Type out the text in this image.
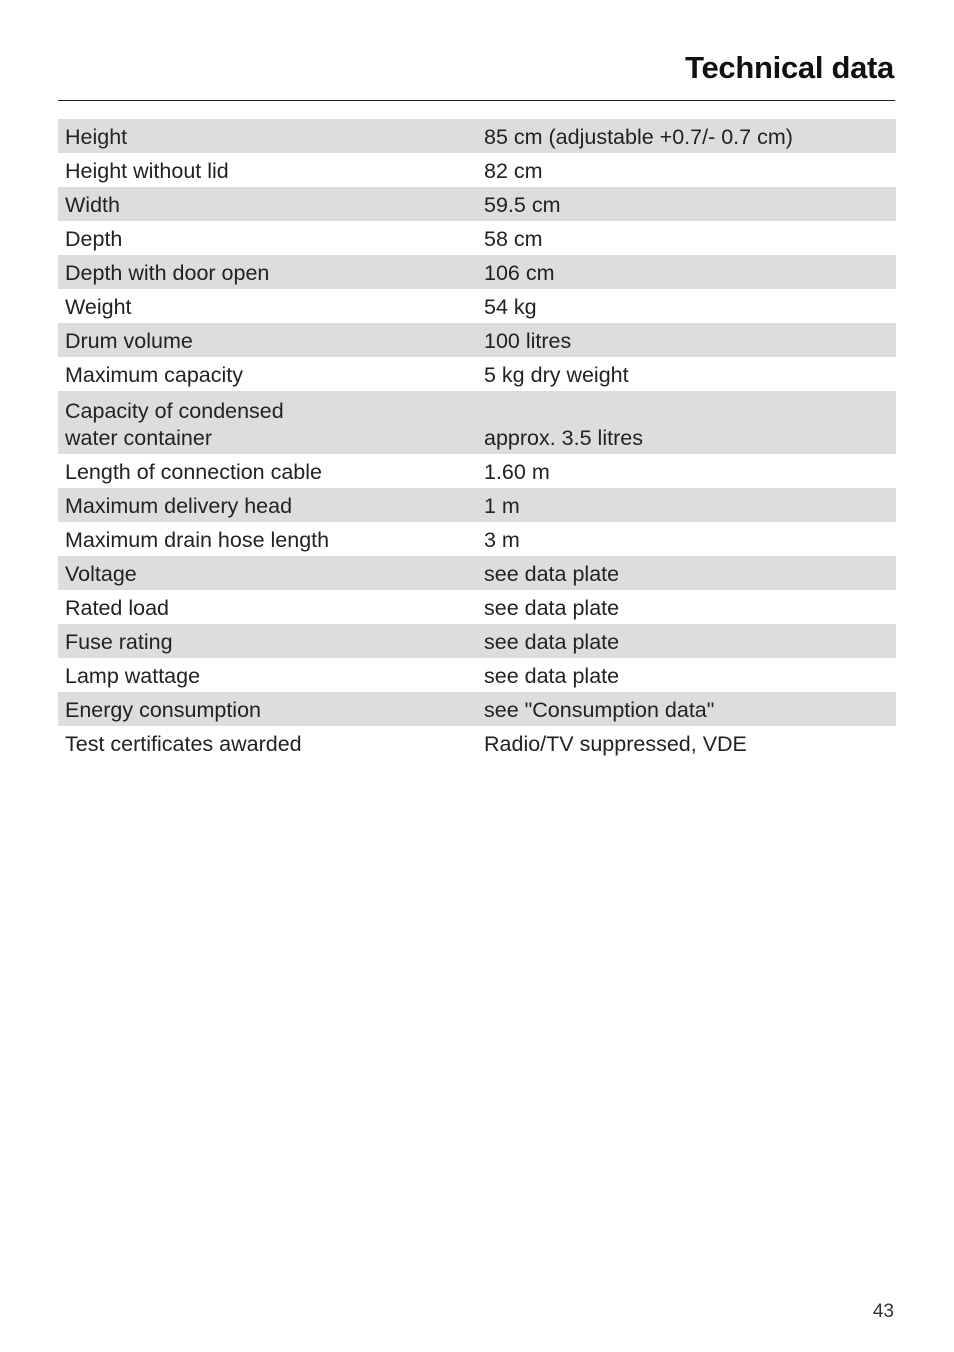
Technical data
Height	85 cm (adjustable +0.7/- 0.7 cm)
Height without lid	82 cm
Width	59.5 cm
Depth	58 cm
Depth with door open	106 cm
Weight	54 kg
Drum volume	100 litres
Maximum capacity	5 kg dry weight
Capacity of condensed
water container	approx. 3.5 litres
Length of connection cable	1.60 m
Maximum delivery head	1 m
Maximum drain hose length	3 m
Voltage	see data plate
Rated load	see data plate
Fuse rating	see data plate
Lamp wattage	see data plate
Energy consumption	see "Consumption data"
Test certificates awarded	Radio/TV suppressed, VDE
43
